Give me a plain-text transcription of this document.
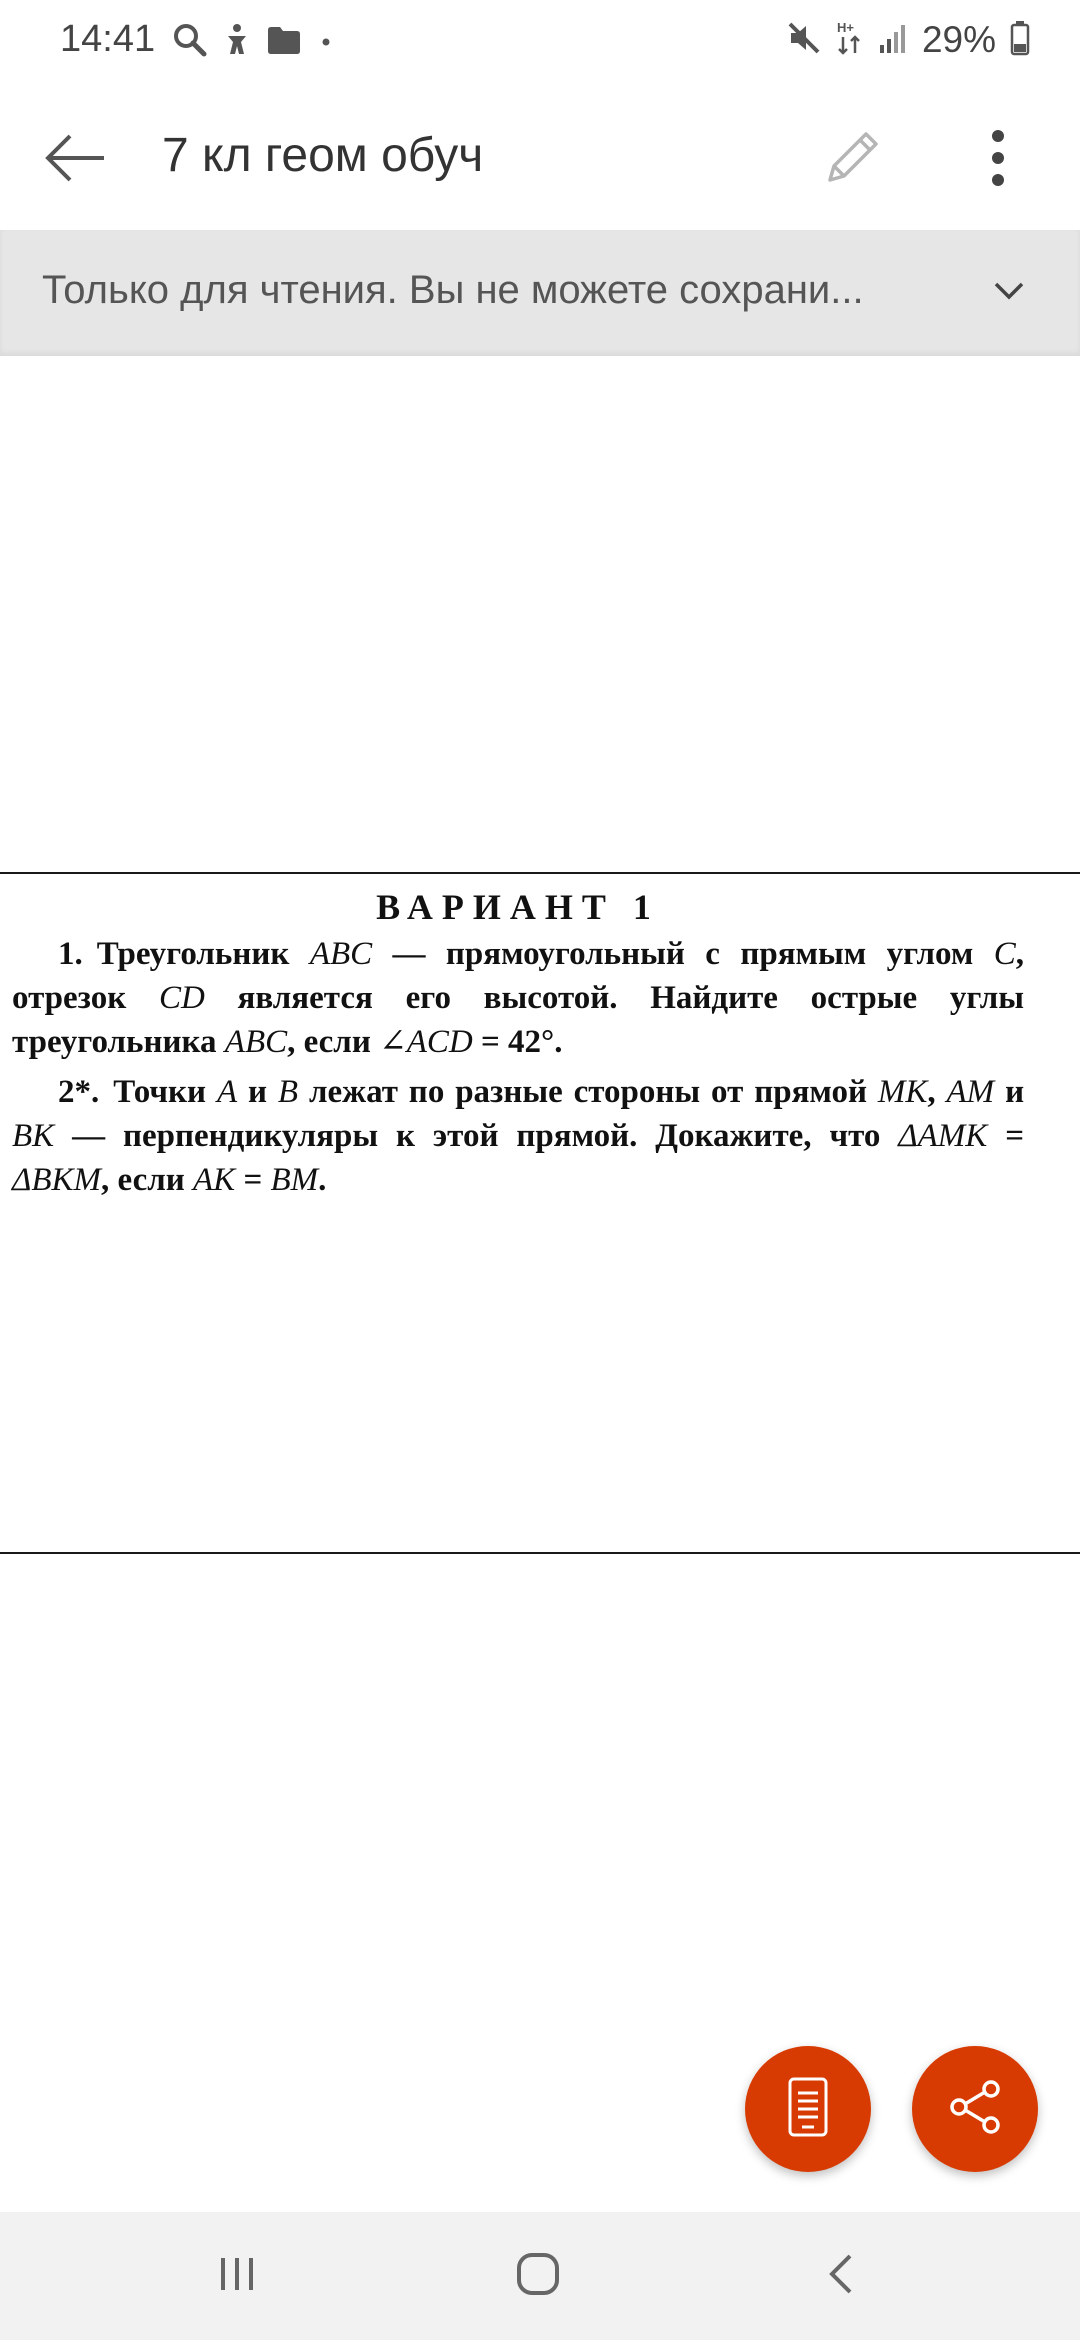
14:41	H+ 29%
7 кл геом обуч
Только для чтения. Вы не можете сохрани...
ВАРИАНТ 1

1. Треугольник ABC — прямоугольный с прямым углом C, отрезок CD является его высотой. Найдите острые углы треугольника ABC, если ∠ACD = 42°.

2*. Точки A и B лежат по разные стороны от прямой MK, AM и BK — перпендикуляры к этой прямой. Докажите, что ΔAMK = ΔBKM, если AK = BM.
